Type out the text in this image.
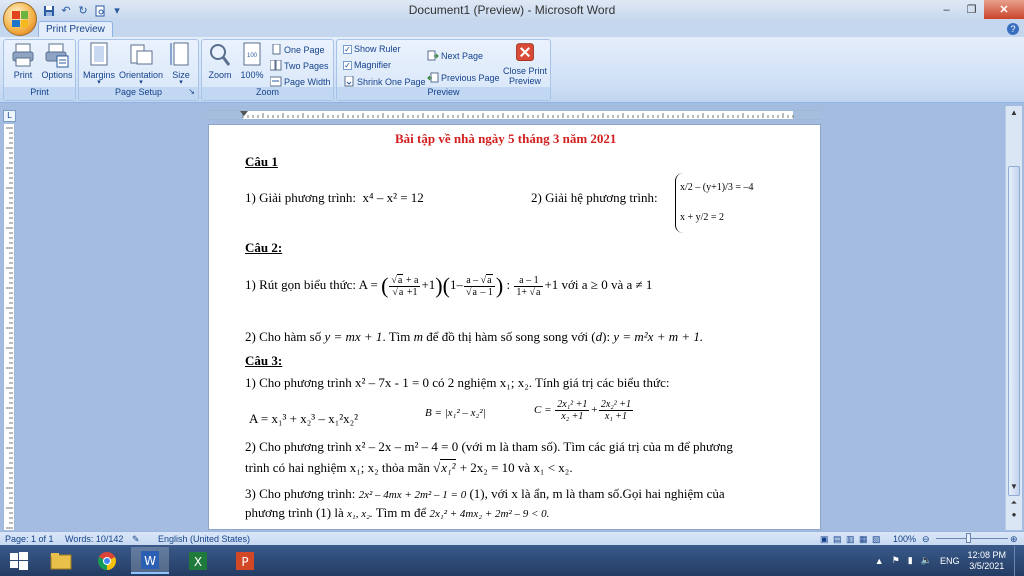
↶ ↻	▾	Document1 (Preview) - Microsoft Word	–	❐	✕
Print Preview	?
Print	Options
Print
Margins
▾
Orientation
▾
Size
▾
Page Setup	↘
Zoom
100
100%
One Page
Two Pages
Page Width
Zoom
✓ Show Ruler
✓ Magnifier
Shrink One Page
Next Page
Previous Page
Close Print
Preview
Preview
L
Bài tập về nhà ngày 5 tháng 3 năm 2021
Câu 1
1) Giải phương trình: x⁴ – x² = 12	2) Giải hệ phương trình:
x/2 – (y+1)/3 = –4
x + y/2 = 2
Câu 2:
1) Rút gọn biểu thức: A = ( $\frac{√a + a}{√a +1} +1)(1- \frac{a - √a}{√a - 1}$ ) : $\frac{a - 1}{1+ √a} +1$ với a ≥ 0 và a ≠ 1
2) Cho hàm số y = mx + 1. Tìm m để đồ thị hàm số song song với (d): y = m²x + m + 1.
Câu 3:
1) Cho phương trình x² – 7x - 1 = 0 có 2 nghiệm x₁; x₂. Tính giá trị các biểu thức:
A = x₁³ + x₂³ – x₁²x₂²	B = |x₁² – x₂²|	$C = \frac{\text{2x₁² +1}}{\text{x₂ +1}} + \frac{\text{2x₂² +1}}{\text{x₁ +1}}$
2) Cho phương trình x² – 2x – m² – 4 = 0 (với m là tham số). Tìm các giá trị của m để phương
trình có hai nghiệm x₁; x₂ thỏa mãn √x₁² + 2x₂ = 10 và x₁ < x₂.
3) Cho phương trình: 2x² – 4mx + 2m² – 1 = 0 (1), với x là ẩn, m là tham số.Gọi hai nghiệm của
phương trình (1) là x₁, x₂. Tìm m để 2x₁² + 4mx₂ + 2m² – 9 < 0.
▲
▼
⏶
●
Page: 1 of 1 Words: 10/142 ✎ English (United States)	▣ ▤ ▥ ▦ ▧ 100% ⊖	⊕
W	X	P	▲ ⚑ ▮ 🔈 ENG
12:08 PM
3/5/2021
